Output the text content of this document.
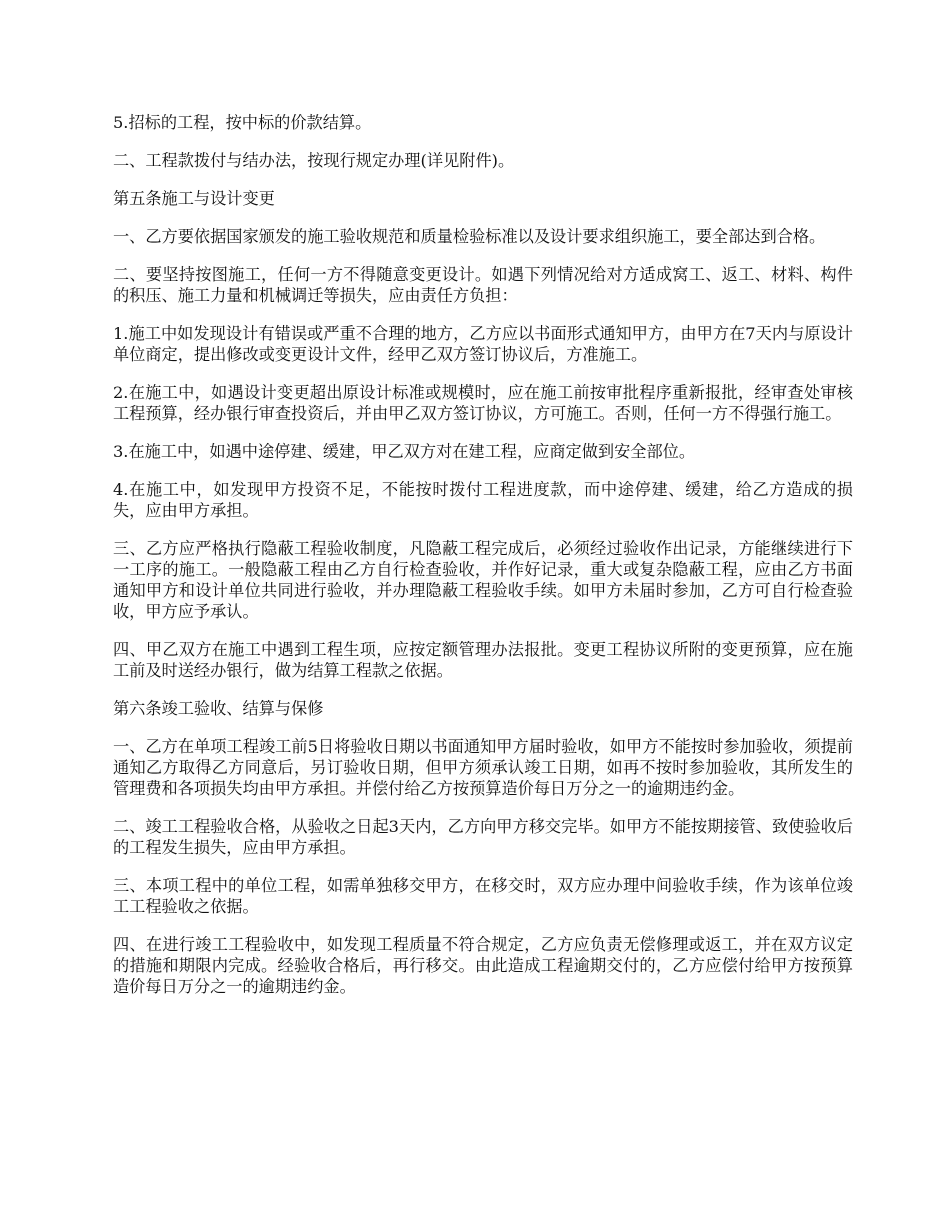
5.招标的工程，按中标的价款结算。

二、工程款拨付与结办法，按现行规定办理(详见附件)。

第五条施工与设计变更

一、乙方要依据国家颁发的施工验收规范和质量检验标准以及设计要求组织施工，要全部达到合格。

二、要坚持按图施工，任何一方不得随意变更设计。如遇下列情况给对方适成窝工、返工、材料、构件的积压、施工力量和机械调迁等损失，应由责任方负担：

1.施工中如发现设计有错误或严重不合理的地方，乙方应以书面形式通知甲方，由甲方在7天内与原设计单位商定，提出修改或变更设计文件，经甲乙双方签订协议后，方准施工。

2.在施工中，如遇设计变更超出原设计标准或规模时，应在施工前按审批程序重新报批，经审查处审核工程预算，经办银行审查投资后，并由甲乙双方签订协议，方可施工。否则，任何一方不得强行施工。

3.在施工中，如遇中途停建、缓建，甲乙双方对在建工程，应商定做到安全部位。

4.在施工中，如发现甲方投资不足，不能按时拨付工程进度款，而中途停建、缓建，给乙方造成的损失，应由甲方承担。

三、乙方应严格执行隐蔽工程验收制度，凡隐蔽工程完成后，必须经过验收作出记录，方能继续进行下一工序的施工。一般隐蔽工程由乙方自行检查验收，并作好记录，重大或复杂隐蔽工程，应由乙方书面通知甲方和设计单位共同进行验收，并办理隐蔽工程验收手续。如甲方未届时参加，乙方可自行检查验收，甲方应予承认。

四、甲乙双方在施工中遇到工程生项，应按定额管理办法报批。变更工程协议所附的变更预算，应在施工前及时送经办银行，做为结算工程款之依据。

第六条竣工验收、结算与保修

一、乙方在单项工程竣工前5日将验收日期以书面通知甲方届时验收，如甲方不能按时参加验收，须提前通知乙方取得乙方同意后，另订验收日期，但甲方须承认竣工日期，如再不按时参加验收，其所发生的管理费和各项损失均由甲方承担。并偿付给乙方按预算造价每日万分之一的逾期违约金。

二、竣工工程验收合格，从验收之日起3天内，乙方向甲方移交完毕。如甲方不能按期接管、致使验收后的工程发生损失，应由甲方承担。

三、本项工程中的单位工程，如需单独移交甲方，在移交时，双方应办理中间验收手续，作为该单位竣工工程验收之依据。

四、在进行竣工工程验收中，如发现工程质量不符合规定，乙方应负责无偿修理或返工，并在双方议定的措施和期限内完成。经验收合格后，再行移交。由此造成工程逾期交付的，乙方应偿付给甲方按预算造价每日万分之一的逾期违约金。
